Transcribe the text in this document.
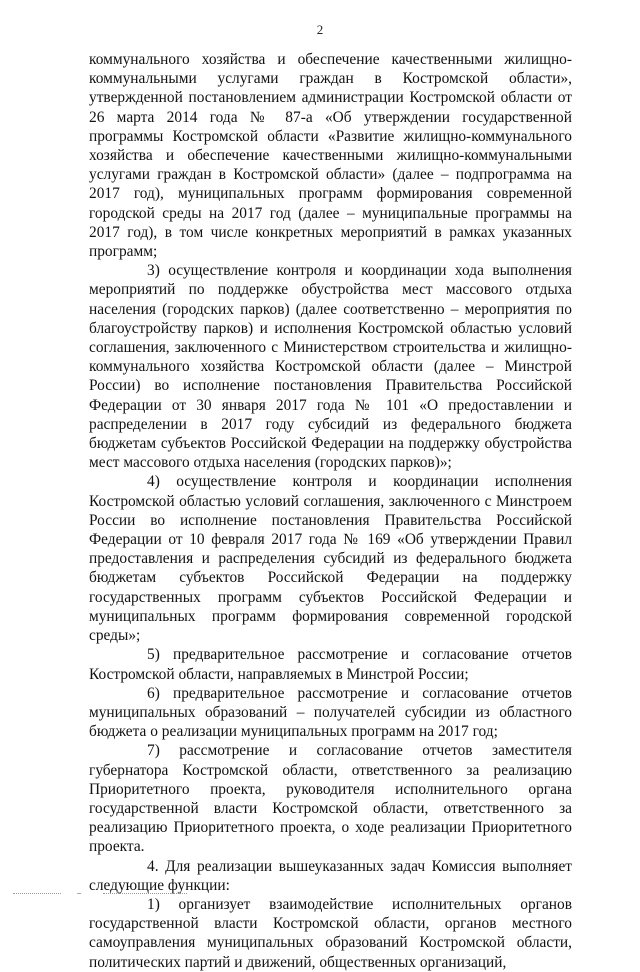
2

коммунального хозяйства и обеспечение качественными жилищно-коммунальными услугами граждан в Костромской области», утвержденной постановлением администрации Костромской области от 26 марта 2014 года № 87-а «Об утверждении государственной программы Костромской области «Развитие жилищно-коммунального хозяйства и обеспечение качественными жилищно-коммунальными услугами граждан в Костромской области» (далее – подпрограмма на 2017 год), муниципальных программ формирования современной городской среды на 2017 год (далее – муниципальные программы на 2017 год), в том числе конкретных мероприятий в рамках указанных программ;

3) осуществление контроля и координации хода выполнения мероприятий по поддержке обустройства мест массового отдыха населения (городских парков) (далее соответственно – мероприятия по благоустройству парков) и исполнения Костромской областью условий соглашения, заключенного с Министерством строительства и жилищно-коммунального хозяйства Костромской области (далее – Минстрой России) во исполнение постановления Правительства Российской Федерации от 30 января 2017 года № 101 «О предоставлении и распределении в 2017 году субсидий из федерального бюджета бюджетам субъектов Российской Федерации на поддержку обустройства мест массового отдыха населения (городских парков)»;

4) осуществление контроля и координации исполнения Костромской областью условий соглашения, заключенного с Минстроем России во исполнение постановления Правительства Российской Федерации от 10 февраля 2017 года № 169 «Об утверждении Правил предоставления и распределения субсидий из федерального бюджета бюджетам субъектов Российской Федерации на поддержку государственных программ субъектов Российской Федерации и муниципальных программ формирования современной городской среды»;

5) предварительное рассмотрение и согласование отчетов Костромской области, направляемых в Минстрой России;

6) предварительное рассмотрение и согласование отчетов муниципальных образований – получателей субсидии из областного бюджета о реализации муниципальных программ на 2017 год;

7) рассмотрение и согласование отчетов заместителя губернатора Костромской области, ответственного за реализацию Приоритетного проекта, руководителя исполнительного органа государственной власти Костромской области, ответственного за реализацию Приоритетного проекта, о ходе реализации Приоритетного проекта.

4. Для реализации вышеуказанных задач Комиссия выполняет следующие функции:

1) организует взаимодействие исполнительных органов государственной власти Костромской области, органов местного самоуправления муниципальных образований Костромской области, политических партий и движений, общественных организаций,
